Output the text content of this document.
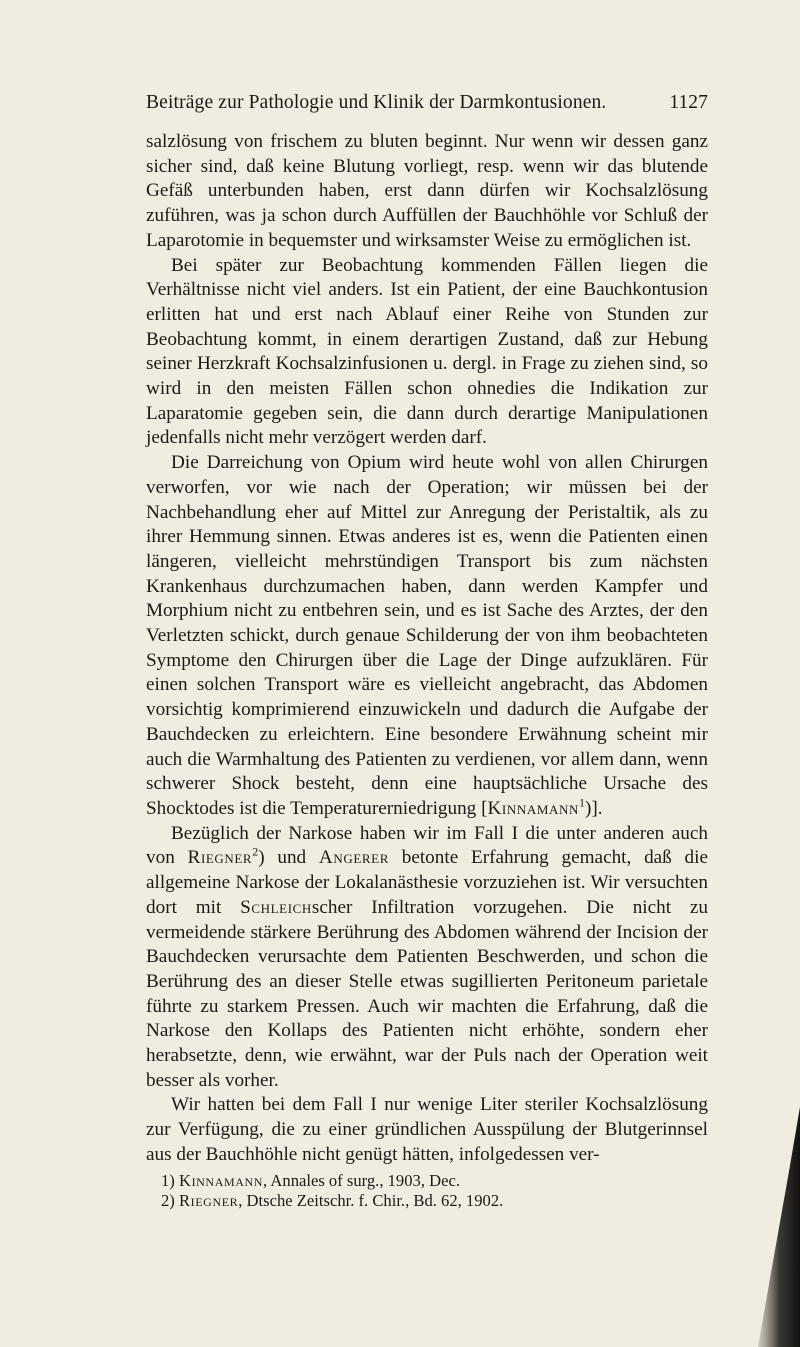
Beiträge zur Pathologie und Klinik der Darmkontusionen.	1127

salzlösung von frischem zu bluten beginnt. Nur wenn wir dessen ganz sicher sind, daß keine Blutung vorliegt, resp. wenn wir das blutende Gefäß unterbunden haben, erst dann dürfen wir Kochsalzlösung zuführen, was ja schon durch Auffüllen der Bauchhöhle vor Schluß der Laparotomie in bequemster und wirksamster Weise zu ermöglichen ist.

Bei später zur Beobachtung kommenden Fällen liegen die Verhältnisse nicht viel anders. Ist ein Patient, der eine Bauchkontusion erlitten hat und erst nach Ablauf einer Reihe von Stunden zur Beobachtung kommt, in einem derartigen Zustand, daß zur Hebung seiner Herzkraft Kochsalzinfusionen u. dergl. in Frage zu ziehen sind, so wird in den meisten Fällen schon ohnedies die Indikation zur Laparatomie gegeben sein, die dann durch derartige Manipulationen jedenfalls nicht mehr verzögert werden darf.

Die Darreichung von Opium wird heute wohl von allen Chirurgen verworfen, vor wie nach der Operation; wir müssen bei der Nachbehandlung eher auf Mittel zur Anregung der Peristaltik, als zu ihrer Hemmung sinnen. Etwas anderes ist es, wenn die Patienten einen längeren, vielleicht mehrstündigen Transport bis zum nächsten Krankenhaus durchzumachen haben, dann werden Kampfer und Morphium nicht zu entbehren sein, und es ist Sache des Arztes, der den Verletzten schickt, durch genaue Schilderung der von ihm beobachteten Symptome den Chirurgen über die Lage der Dinge aufzuklären. Für einen solchen Transport wäre es vielleicht angebracht, das Abdomen vorsichtig komprimierend einzuwickeln und dadurch die Aufgabe der Bauchdecken zu erleichtern. Eine besondere Erwähnung scheint mir auch die Warmhaltung des Patienten zu verdienen, vor allem dann, wenn schwerer Shock besteht, denn eine hauptsächliche Ursache des Shocktodes ist die Temperaturerniedrigung [Kinnamann$^1$)].

Bezüglich der Narkose haben wir im Fall I die unter anderen auch von Riegner$^2$) und Angerer betonte Erfahrung gemacht, daß die allgemeine Narkose der Lokalanästhesie vorzuziehen ist. Wir versuchten dort mit Schleichscher Infiltration vorzugehen. Die nicht zu vermeidende stärkere Berührung des Abdomen während der Incision der Bauchdecken verursachte dem Patienten Beschwerden, und schon die Berührung des an dieser Stelle etwas sugillierten Peritoneum parietale führte zu starkem Pressen. Auch wir machten die Erfahrung, daß die Narkose den Kollaps des Patienten nicht erhöhte, sondern eher herabsetzte, denn, wie erwähnt, war der Puls nach der Operation weit besser als vorher.

Wir hatten bei dem Fall I nur wenige Liter steriler Kochsalzlösung zur Verfügung, die zu einer gründlichen Ausspülung der Blutgerinnsel aus der Bauchhöhle nicht genügt hätten, infolgedessen ver-

1) Kinnamann, Annales of surg., 1903, Dec.

2) Riegner, Dtsche Zeitschr. f. Chir., Bd. 62, 1902.
